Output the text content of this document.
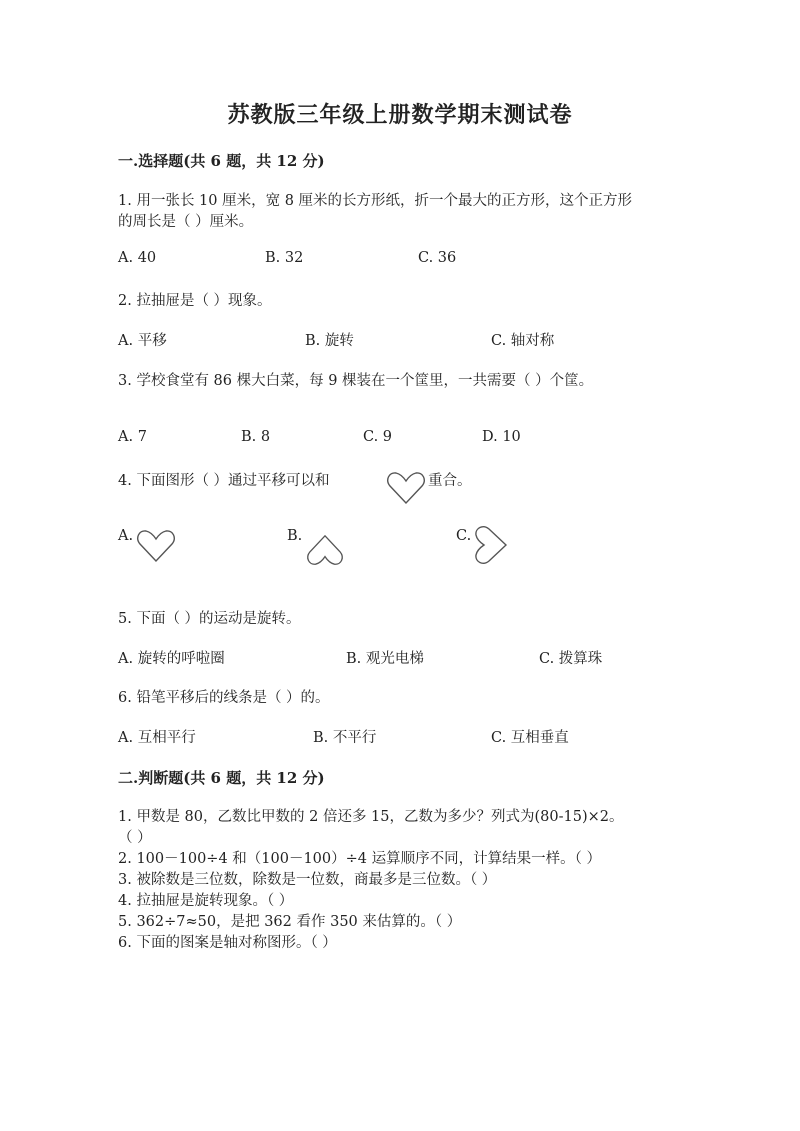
苏教版三年级上册数学期末测试卷
一.选择题(共 6 题，共 12 分)
1. 用一张长 10 厘米，宽 8 厘米的长方形纸，折一个最大的正方形，这个正方形
的周长是（ ）厘米。
A. 40	B. 32	C. 36
2. 拉抽屉是（ ）现象。
A. 平移	B. 旋转	C. 轴对称
3. 学校食堂有 86 棵大白菜，每 9 棵装在一个筐里，一共需要（ ）个筐。
A. 7	B. 8	C. 9	D. 10
4. 下面图形（ ）通过平移可以和	重合。
A.	B.	C.
5. 下面（ ）的运动是旋转。
A. 旋转的呼啦圈	B. 观光电梯	C. 拨算珠
6. 铅笔平移后的线条是（ ）的。
A. 互相平行	B. 不平行	C. 互相垂直
二.判断题(共 6 题，共 12 分)
1. 甲数是 80，乙数比甲数的 2 倍还多 15，乙数为多少？列式为(80-15)×2。
（ ）
2. 100－100÷4 和（100－100）÷4 运算顺序不同，计算结果一样。（ ）
3. 被除数是三位数，除数是一位数，商最多是三位数。（ ）
4. 拉抽屉是旋转现象。（ ）
5. 362÷7≈50，是把 362 看作 350 来估算的。（ ）
6. 下面的图案是轴对称图形。（ ）
